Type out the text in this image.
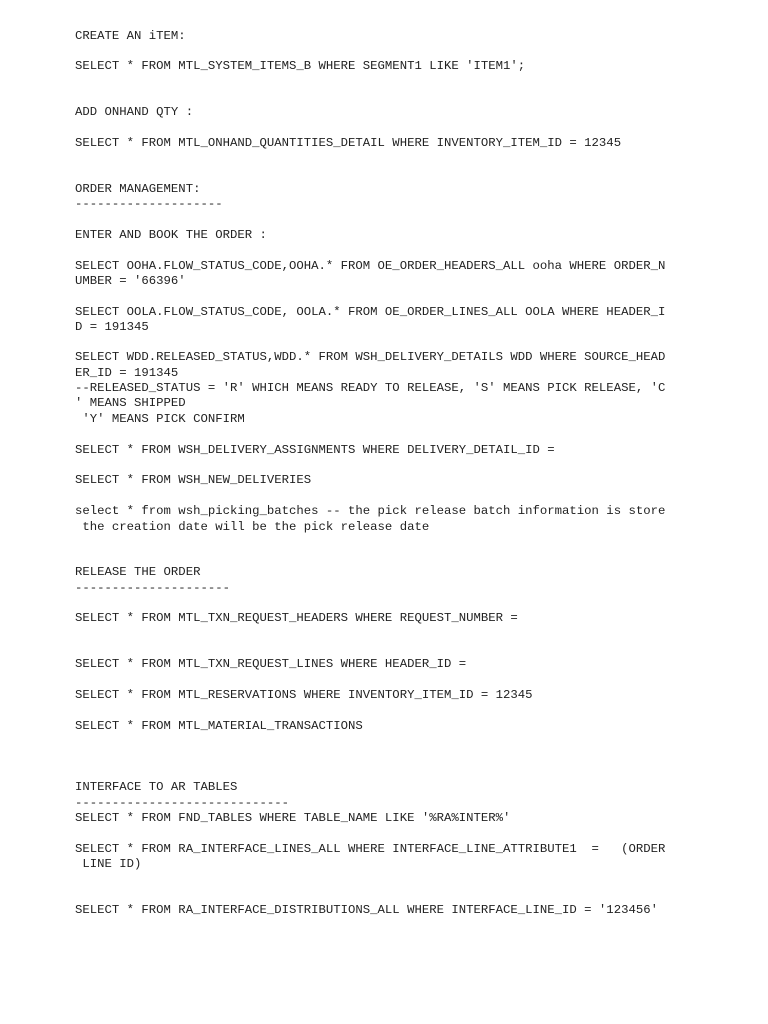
CREATE AN iTEM:

SELECT * FROM MTL_SYSTEM_ITEMS_B WHERE SEGMENT1 LIKE 'ITEM1';

ADD ONHAND QTY :

SELECT * FROM MTL_ONHAND_QUANTITIES_DETAIL WHERE INVENTORY_ITEM_ID = 12345

ORDER MANAGEMENT:

--------------------

ENTER AND BOOK THE ORDER :

SELECT OOHA.FLOW_STATUS_CODE,OOHA.* FROM OE_ORDER_HEADERS_ALL ooha WHERE ORDER_N

UMBER = '66396'

SELECT OOLA.FLOW_STATUS_CODE, OOLA.* FROM OE_ORDER_LINES_ALL OOLA WHERE HEADER_I

D = 191345

SELECT WDD.RELEASED_STATUS,WDD.* FROM WSH_DELIVERY_DETAILS WDD WHERE SOURCE_HEAD

ER_ID = 191345

--RELEASED_STATUS = 'R' WHICH MEANS READY TO RELEASE, 'S' MEANS PICK RELEASE, 'C

' MEANS SHIPPED

'Y' MEANS PICK CONFIRM

SELECT * FROM WSH_DELIVERY_ASSIGNMENTS WHERE DELIVERY_DETAIL_ID =

SELECT * FROM WSH_NEW_DELIVERIES

select * from wsh_picking_batches -- the pick release batch information is store

the creation date will be the pick release date

RELEASE THE ORDER

---------------------

SELECT * FROM MTL_TXN_REQUEST_HEADERS WHERE REQUEST_NUMBER =

SELECT * FROM MTL_TXN_REQUEST_LINES WHERE HEADER_ID =

SELECT * FROM MTL_RESERVATIONS WHERE INVENTORY_ITEM_ID = 12345

SELECT * FROM MTL_MATERIAL_TRANSACTIONS

INTERFACE TO AR TABLES

-----------------------------

SELECT * FROM FND_TABLES WHERE TABLE_NAME LIKE '%RA%INTER%'

SELECT * FROM RA_INTERFACE_LINES_ALL WHERE INTERFACE_LINE_ATTRIBUTE1  =   (ORDER

LINE ID)

SELECT * FROM RA_INTERFACE_DISTRIBUTIONS_ALL WHERE INTERFACE_LINE_ID = '123456'
